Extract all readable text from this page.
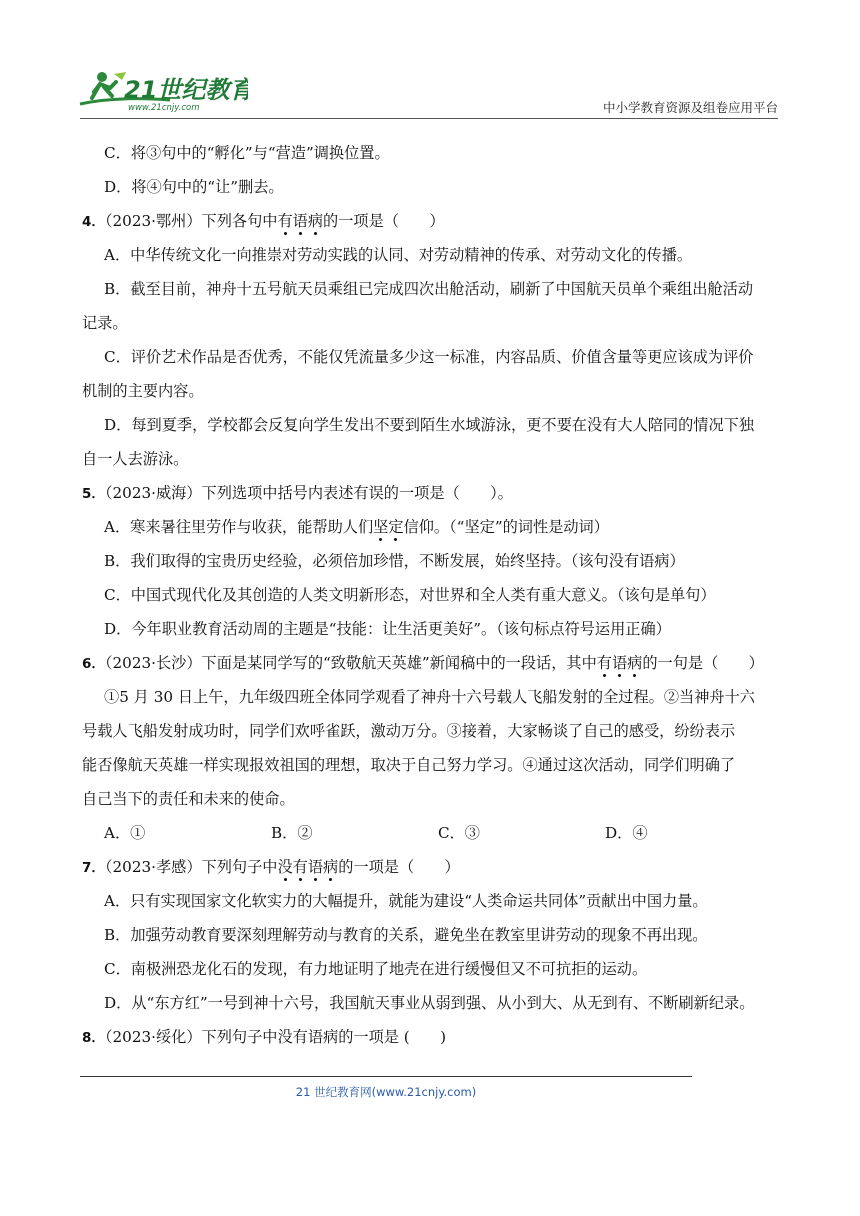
21世纪教育
www.21cnjy.com	中小学教育资源及组卷应用平台
C．将③句中的“孵化”与“营造”调换位置。
D．将④句中的“让”删去。
4．（2023·鄂州）下列各句中有语病的一项是（　　）
A．中华传统文化一向推崇对劳动实践的认同、对劳动精神的传承、对劳动文化的传播。
B．截至目前，神舟十五号航天员乘组已完成四次出舱活动，刷新了中国航天员单个乘组出舱活动
记录。
C．评价艺术作品是否优秀，不能仅凭流量多少这一标准，内容品质、价值含量等更应该成为评价
机制的主要内容。
D．每到夏季，学校都会反复向学生发出不要到陌生水域游泳，更不要在没有大人陪同的情况下独
自一人去游泳。
5．（2023·威海）下列选项中括号内表述有误的一项是（　　）。
A．寒来暑往里劳作与收获，能帮助人们坚定信仰。（“坚定”的词性是动词）
B．我们取得的宝贵历史经验，必须倍加珍惜，不断发展，始终坚持。（该句没有语病）
C．中国式现代化及其创造的人类文明新形态，对世界和全人类有重大意义。（该句是单句）
D．今年职业教育活动周的主题是“技能：让生活更美好”。（该句标点符号运用正确）
6．（2023·长沙）下面是某同学写的“致敬航天英雄”新闻稿中的一段话，其中有语病的一句是（　　）
①5 月 30 日上午，九年级四班全体同学观看了神舟十六号载人飞船发射的全过程。②当神舟十六
号载人飞船发射成功时，同学们欢呼雀跃，激动万分。③接着，大家畅谈了自己的感受，纷纷表示
能否像航天英雄一样实现报效祖国的理想，取决于自己努力学习。④通过这次活动，同学们明确了
自己当下的责任和未来的使命。
A．①	B．②	C．③	D．④
7．（2023·孝感）下列句子中没有语病的一项是（　　）
A．只有实现国家文化软实力的大幅提升，就能为建设“人类命运共同体”贡献出中国力量。
B．加强劳动教育要深刻理解劳动与教育的关系，避免坐在教室里讲劳动的现象不再出现。
C．南极洲恐龙化石的发现，有力地证明了地壳在进行缓慢但又不可抗拒的运动。
D．从“东方红”一号到神十六号，我国航天事业从弱到强、从小到大、从无到有、不断刷新纪录。
8．（2023·绥化）下列句子中没有语病的一项是 (　　)
21 世纪教育网(www.21cnjy.com)
